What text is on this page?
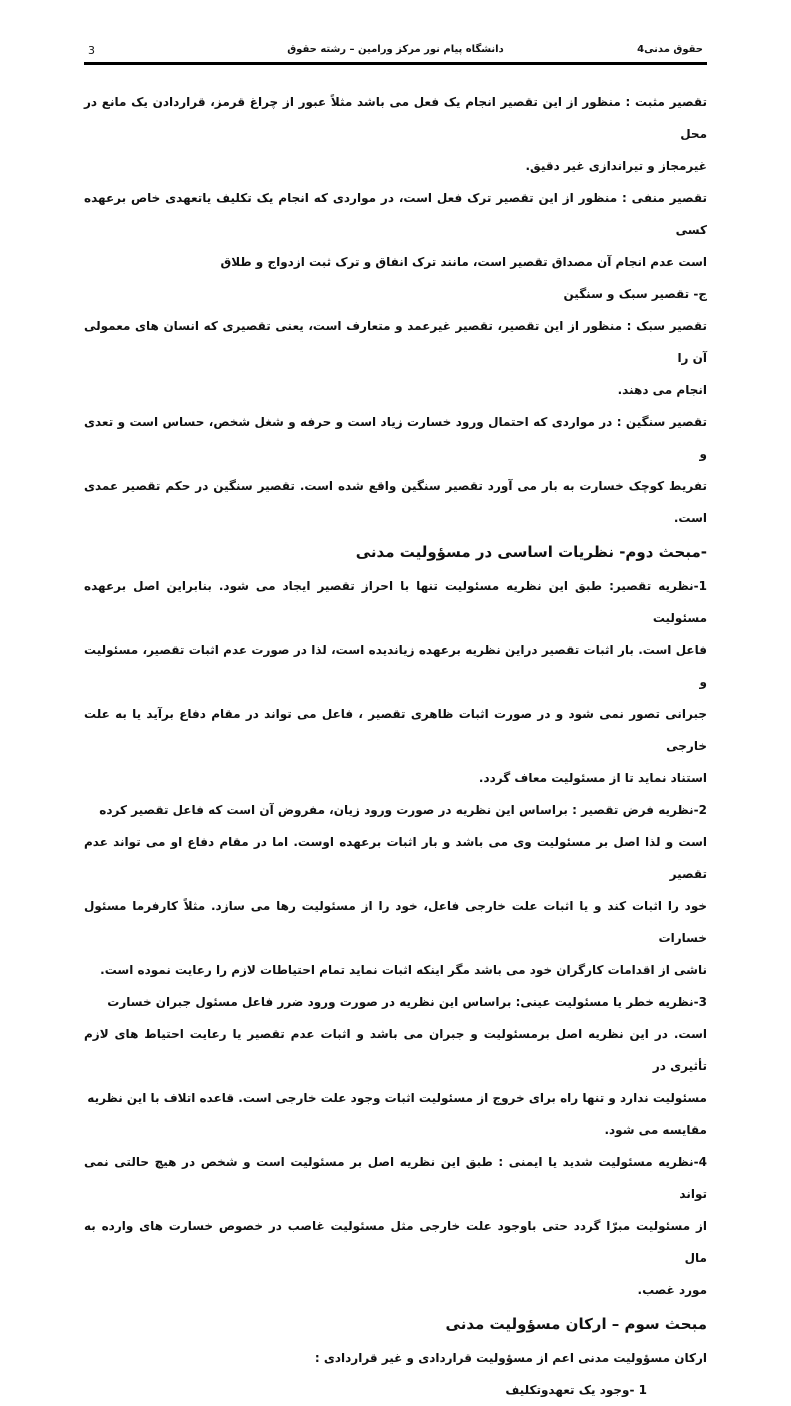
3	دانشگاه پیام نور مرکز ورامین – رشته حقوق	حقوق مدنی4
تقصیر مثبت : منظور از این تقصیر انجام یک فعل می باشد مثلاً عبور از چراغ قرمز، قراردادن یک مانع در محل
غیرمجاز و تیراندازی غیر دقیق.
تقصیر منفی : منظور از این تقصیر ترک فعل است، در مواردی که انجام یک تکلیف یاتعهدی خاص برعهده کسی
است عدم انجام آن مصداق تقصیر است، مانند ترک انفاق و ترک ثبت ازدواج و طلاق
ج- تقصیر سبک و سنگین
تقصیر سبک : منظور از این تقصیر، تقصیر غیرعمد و متعارف است، یعنی تقصیری که انسان های معمولی آن را
انجام می دهند.
تقصیر سنگین : در مواردی که احتمال ورود خسارت زیاد است و حرفه و شغل شخص، حساس است و تعدی و
تفریط کوچک خسارت به بار می آورد تقصیر سنگین واقع شده است. تقصیر سنگین در حکم تقصیر عمدی است.
-مبحث دوم- نظریات اساسی در مسؤولیت مدنی
1-نظریه تقصیر: طبق این نظریه مسئولیت تنها با احراز تقصیر ایجاد می شود. بنابراین اصل برعهده مسئولیت
فاعل است. بار اثبات تقصیر دراین نظریه برعهده زیاندیده است، لذا در صورت عدم اثبات تقصیر، مسئولیت و
جبرانی تصور نمی شود و در صورت اثبات ظاهری تقصیر ، فاعل می تواند در مقام دفاع برآید یا به علت خارجی
استناد نماید تا از مسئولیت معاف گردد.
2-نظریه فرض تقصیر : براساس این نظریه در صورت ورود زیان، مفروض آن است که فاعل تقصیر کرده
است و لذا اصل بر مسئولیت وی می باشد و بار اثبات برعهده اوست. اما در مقام دفاع او می تواند عدم تقصیر
خود را اثبات کند و یا اثبات علت خارجی فاعل، خود را از مسئولیت رها می سازد. مثلاً کارفرما مسئول خسارات
ناشی از اقدامات کارگران خود می باشد مگر اینکه اثبات نماید تمام احتیاطات لازم را رعایت نموده است.
3-نظریه خطر یا مسئولیت عینی: براساس این نظریه در صورت ورود ضرر فاعل مسئول جبران خسارت
است. در این نظریه اصل برمسئولیت و جبران می باشد و اثبات عدم تقصیر یا رعایت احتیاط های لازم تأثیری در
مسئولیت ندارد و تنها راه برای خروج از مسئولیت اثبات وجود علت خارجی است. قاعده اتلاف با این نظریه
مقایسه می شود.
4-نظریه مسئولیت شدید یا ایمنی : طبق این نظریه اصل بر مسئولیت است و شخص در هیچ حالتی نمی تواند
از مسئولیت مبرّا گردد حتی باوجود علت خارجی مثل مسئولیت غاصب در خصوص خسارت های وارده به مال
مورد غصب.
مبحث سوم – ارکان مسؤولیت مدنی
ارکان مسؤولیت مدنی اعم از مسؤولیت قراردادی و غیر قراردادی :
1 -وجود یک تعهدوتکلیف
